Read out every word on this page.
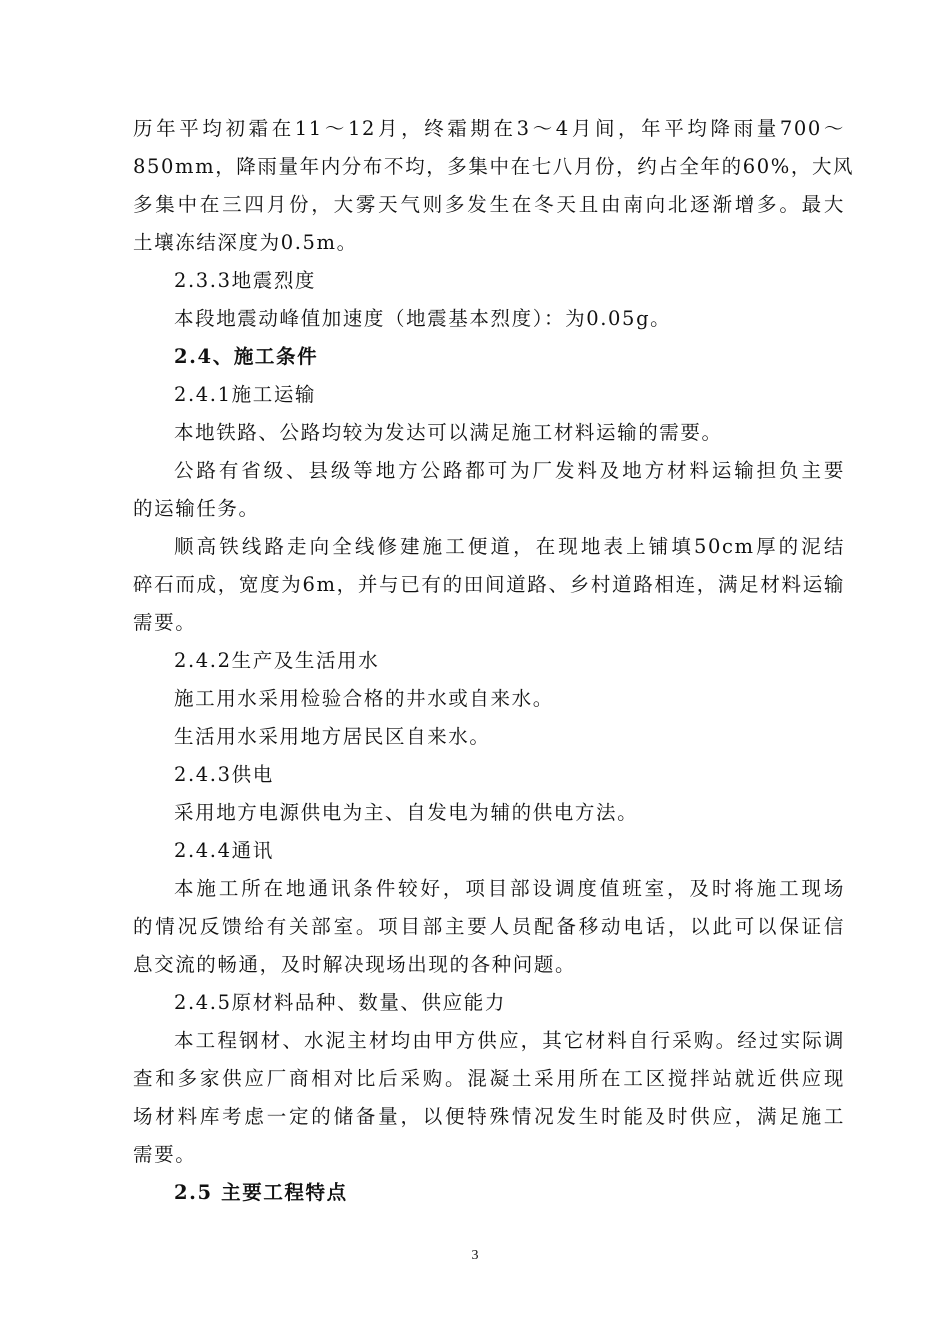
历年平均初霜在11～12月，终霜期在3～4月间，年平均降雨量700～
850mm，降雨量年内分布不均，多集中在七八月份，约占全年的60%，大风
多集中在三四月份，大雾天气则多发生在冬天且由南向北逐渐增多。最大
土壤冻结深度为0.5m。
2.3.3地震烈度
本段地震动峰值加速度（地震基本烈度）：为0.05g。
2.4、施工条件
2.4.1施工运输
本地铁路、公路均较为发达可以满足施工材料运输的需要。
公路有省级、县级等地方公路都可为厂发料及地方材料运输担负主要
的运输任务。
顺高铁线路走向全线修建施工便道，在现地表上铺填50cm厚的泥结
碎石而成，宽度为6m，并与已有的田间道路、乡村道路相连，满足材料运输
需要。
2.4.2生产及生活用水
施工用水采用检验合格的井水或自来水。
生活用水采用地方居民区自来水。
2.4.3供电
采用地方电源供电为主、自发电为辅的供电方法。
2.4.4通讯
本施工所在地通讯条件较好，项目部设调度值班室，及时将施工现场
的情况反馈给有关部室。项目部主要人员配备移动电话，以此可以保证信
息交流的畅通，及时解决现场出现的各种问题。
2.4.5原材料品种、数量、供应能力
本工程钢材、水泥主材均由甲方供应，其它材料自行采购。经过实际调
查和多家供应厂商相对比后采购。混凝土采用所在工区搅拌站就近供应现
场材料库考虑一定的储备量，以便特殊情况发生时能及时供应，满足施工
需要。
2.5 主要工程特点
3
